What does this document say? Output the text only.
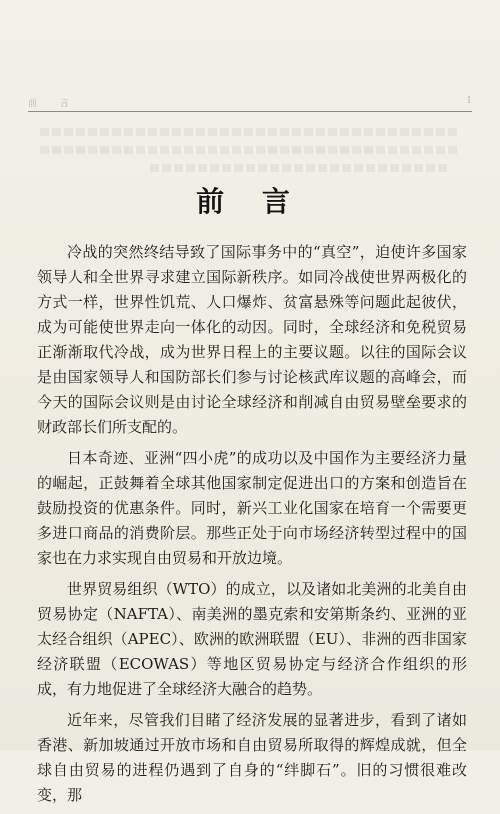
前 言	1
前 言

冷战的突然终结导致了国际事务中的“真空”，迫使许多国家领导人和全世界寻求建立国际新秩序。如同冷战使世界两极化的方式一样，世界性饥荒、人口爆炸、贫富悬殊等问题此起彼伏，成为可能使世界走向一体化的动因。同时，全球经济和免税贸易正渐渐取代冷战，成为世界日程上的主要议题。以往的国际会议是由国家领导人和国防部长们参与讨论核武库议题的高峰会，而今天的国际会议则是由讨论全球经济和削减自由贸易壁垒要求的财政部长们所支配的。

日本奇迹、亚洲“四小虎”的成功以及中国作为主要经济力量的崛起，正鼓舞着全球其他国家制定促进出口的方案和创造旨在鼓励投资的优惠条件。同时，新兴工业化国家在培育一个需要更多进口商品的消费阶层。那些正处于向市场经济转型过程中的国家也在力求实现自由贸易和开放边境。

世界贸易组织（WTO）的成立，以及诸如北美洲的北美自由贸易协定（NAFTA）、南美洲的墨克索和安第斯条约、亚洲的亚太经合组织（APEC）、欧洲的欧洲联盟（EU）、非洲的西非国家经济联盟（ECOWAS）等地区贸易协定与经济合作组织的形成，有力地促进了全球经济大融合的趋势。

近年来，尽管我们目睹了经济发展的显著进步，看到了诸如香港、新加坡通过开放市场和自由贸易所取得的辉煌成就，但全球自由贸易的进程仍遇到了自身的“绊脚石”。旧的习惯很难改变，那
